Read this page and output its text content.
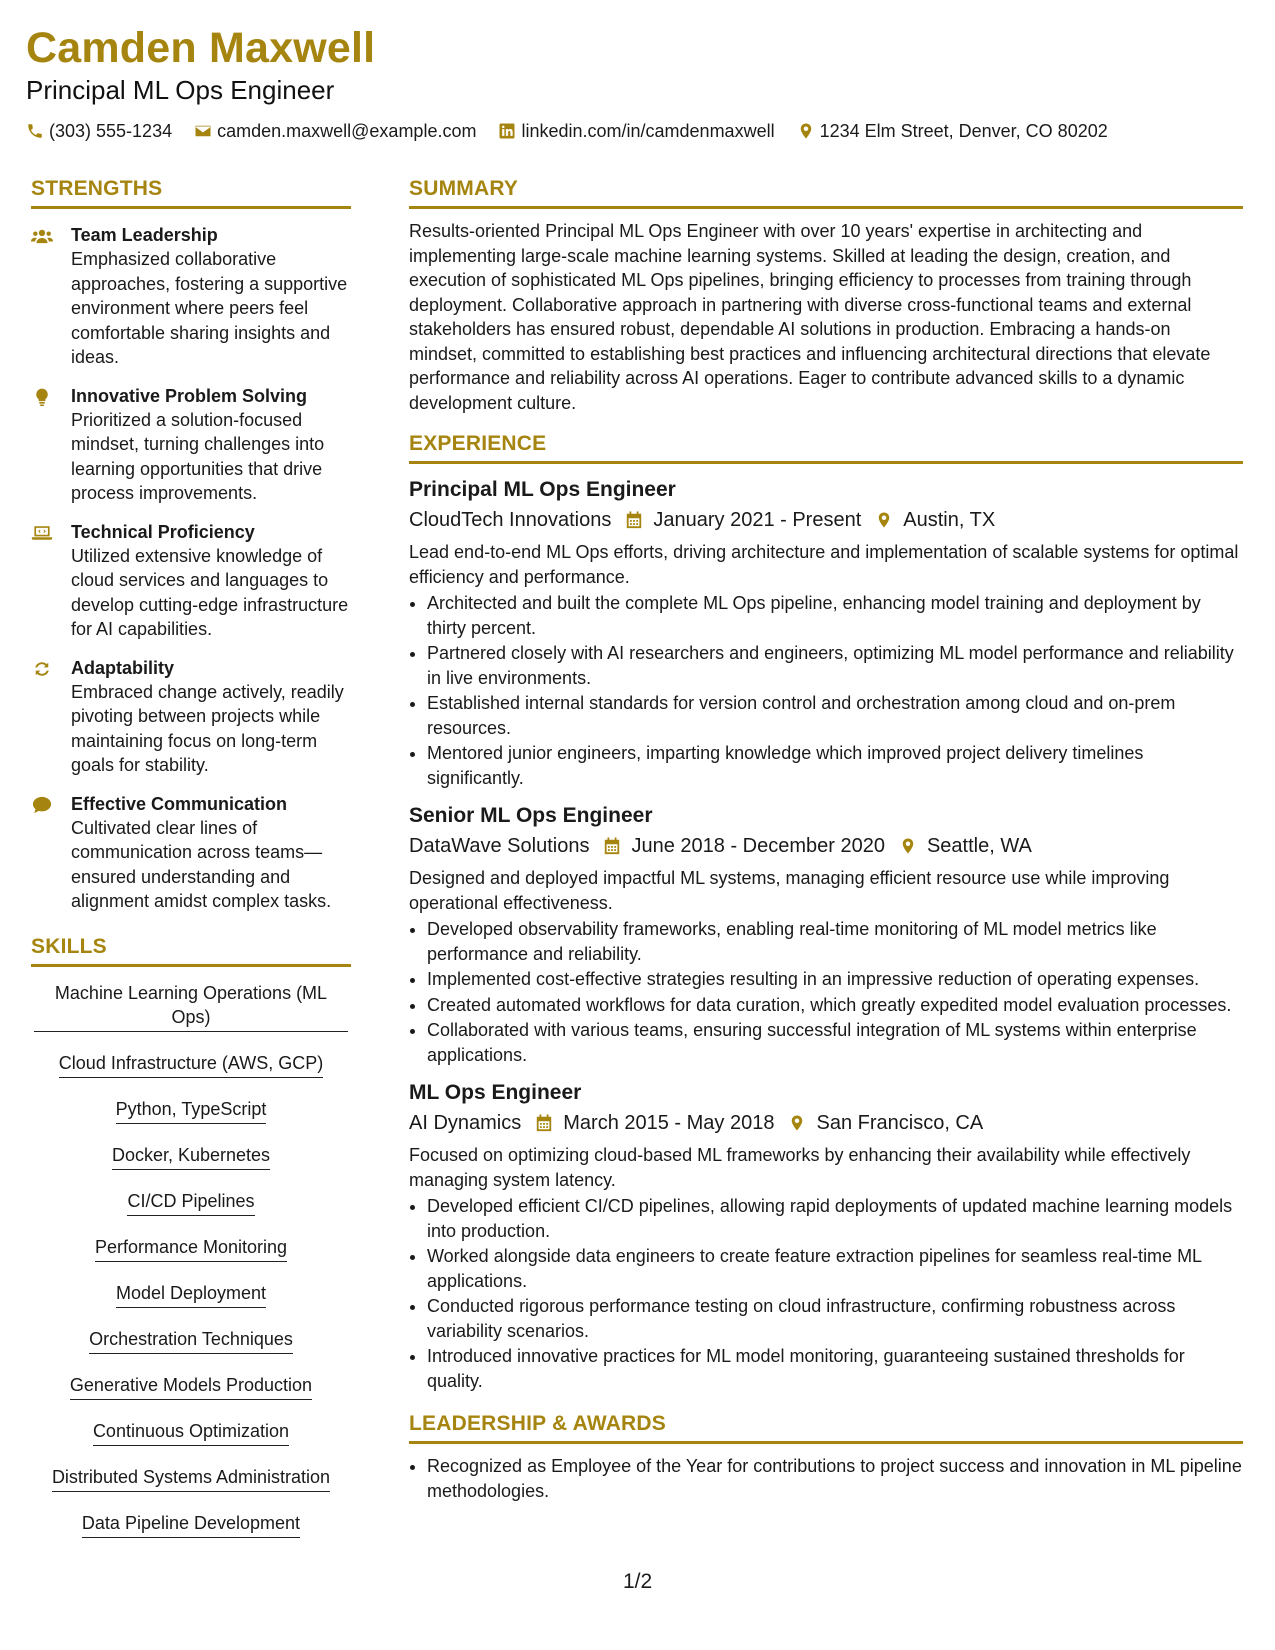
Camden Maxwell
Principal ML Ops Engineer
(303) 555-1234	camden.maxwell@example.com	linkedin.com/in/camdenmaxwell	1234 Elm Street, Denver, CO 80202
STRENGTHS
Team Leadership
Emphasized collaborative approaches, fostering a supportive environment where peers feel comfortable sharing insights and ideas.
Innovative Problem Solving
Prioritized a solution-focused mindset, turning challenges into learning opportunities that drive process improvements.
Technical Proficiency
Utilized extensive knowledge of cloud services and languages to develop cutting-edge infrastructure for AI capabilities.
Adaptability
Embraced change actively, readily pivoting between projects while maintaining focus on long-term goals for stability.
Effective Communication
Cultivated clear lines of communication across teams—ensured understanding and alignment amidst complex tasks.
SKILLS
Machine Learning Operations (ML Ops)
Cloud Infrastructure (AWS, GCP)
Python, TypeScript
Docker, Kubernetes
CI/CD Pipelines
Performance Monitoring
Model Deployment
Orchestration Techniques
Generative Models Production
Continuous Optimization
Distributed Systems Administration
Data Pipeline Development
SUMMARY
Results-oriented Principal ML Ops Engineer with over 10 years' expertise in architecting and implementing large-scale machine learning systems. Skilled at leading the design, creation, and execution of sophisticated ML Ops pipelines, bringing efficiency to processes from training through deployment. Collaborative approach in partnering with diverse cross-functional teams and external stakeholders has ensured robust, dependable AI solutions in production. Embracing a hands-on mindset, committed to establishing best practices and influencing architectural directions that elevate performance and reliability across AI operations. Eager to contribute advanced skills to a dynamic development culture.
EXPERIENCE
Principal ML Ops Engineer
CloudTech Innovations January 2021 - Present Austin, TX
Lead end-to-end ML Ops efforts, driving architecture and implementation of scalable systems for optimal efficiency and performance.
• Architected and built the complete ML Ops pipeline, enhancing model training and deployment by thirty percent.
• Partnered closely with AI researchers and engineers, optimizing ML model performance and reliability in live environments.
• Established internal standards for version control and orchestration among cloud and on-prem resources.
• Mentored junior engineers, imparting knowledge which improved project delivery timelines significantly.
Senior ML Ops Engineer
DataWave Solutions June 2018 - December 2020 Seattle, WA
Designed and deployed impactful ML systems, managing efficient resource use while improving operational effectiveness.
• Developed observability frameworks, enabling real-time monitoring of ML model metrics like performance and reliability.
• Implemented cost-effective strategies resulting in an impressive reduction of operating expenses.
• Created automated workflows for data curation, which greatly expedited model evaluation processes.
• Collaborated with various teams, ensuring successful integration of ML systems within enterprise applications.
ML Ops Engineer
AI Dynamics March 2015 - May 2018 San Francisco, CA
Focused on optimizing cloud-based ML frameworks by enhancing their availability while effectively managing system latency.
• Developed efficient CI/CD pipelines, allowing rapid deployments of updated machine learning models into production.
• Worked alongside data engineers to create feature extraction pipelines for seamless real-time ML applications.
• Conducted rigorous performance testing on cloud infrastructure, confirming robustness across variability scenarios.
• Introduced innovative practices for ML model monitoring, guaranteeing sustained thresholds for quality.
LEADERSHIP & AWARDS
• Recognized as Employee of the Year for contributions to project success and innovation in ML pipeline methodologies.
1/2
